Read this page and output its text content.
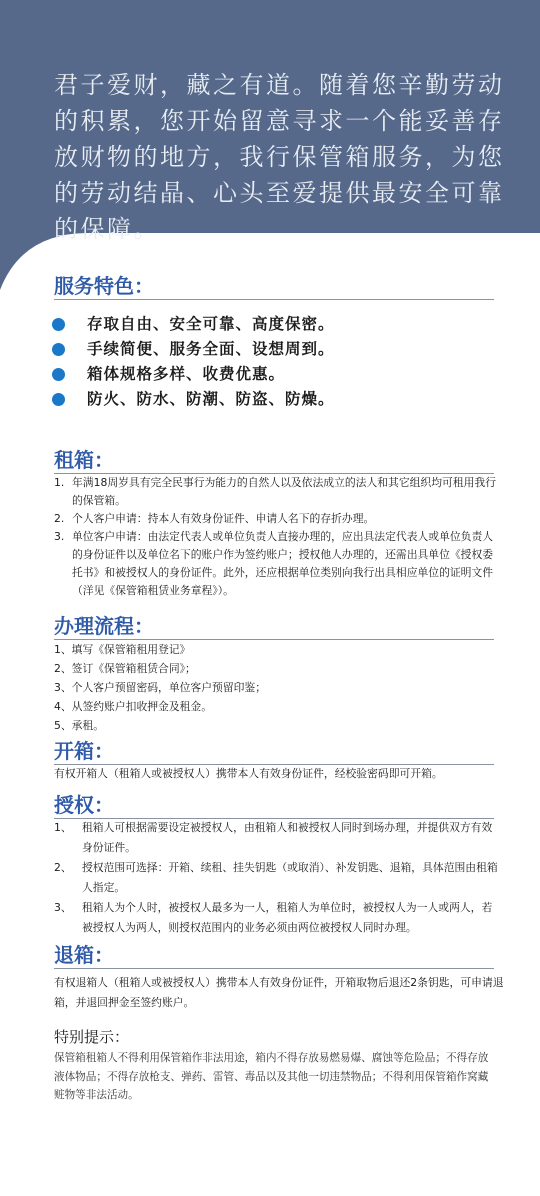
君子爱财，藏之有道。随着您辛勤劳动的积累，您开始留意寻求一个能妥善存放财物的地方，我行保管箱服务，为您的劳动结晶、心头至爱提供最安全可靠的保障。
服务特色：
存取自由、安全可靠、高度保密。
手续简便、服务全面、设想周到。
箱体规格多样、收费优惠。
防火、防水、防潮、防盗、防燥。
租箱：
1. 年满18周岁具有完全民事行为能力的自然人以及依法成立的法人和其它组织均可租用我行的保管箱。
2. 个人客户申请：持本人有效身份证件、申请人名下的存折办理。
3. 单位客户申请：由法定代表人或单位负责人直接办理的，应出具法定代表人或单位负责人的身份证件以及单位名下的账户作为签约账户；授权他人办理的，还需出具单位《授权委托书》和被授权人的身份证件。此外，还应根据单位类别向我行出具相应单位的证明文件（洋见《保管箱租赁业务章程》）。
办理流程：
1、填写《保管箱租用登记》
2、签订《保管箱租赁合同》；
3、个人客户预留密码，单位客户预留印鉴；
4、从签约账户扣收押金及租金。
5、承租。
开箱：
有权开箱人（租箱人或被授权人）携带本人有效身份证件，经校验密码即可开箱。
授权：
1、 租箱人可根据需要设定被授权人，由租箱人和被授权人同时到场办理，并提供双方有效身份证件。
2、 授权范围可选择：开箱、续租、挂失钥匙（或取消）、补发钥匙、退箱，具体范围由租箱人指定。
3、 租箱人为个人时，被授权人最多为一人，租箱人为单位时，被授权人为一人或两人，若被授权人为两人，则授权范围内的业务必须由两位被授权人同时办理。
退箱：
有权退箱人（租箱人或被授权人）携带本人有效身份证件，开箱取物后退还2条钥匙，可申请退箱，并退回押金至签约账户。
特别提示：
保管箱租箱人不得利用保管箱作非法用途，箱内不得存放易燃易爆、腐蚀等危险品；不得存放液体物品；不得存放枪支、弹药、雷管、毒品以及其他一切违禁物品；不得利用保管箱作窝藏赃物等非法活动。
